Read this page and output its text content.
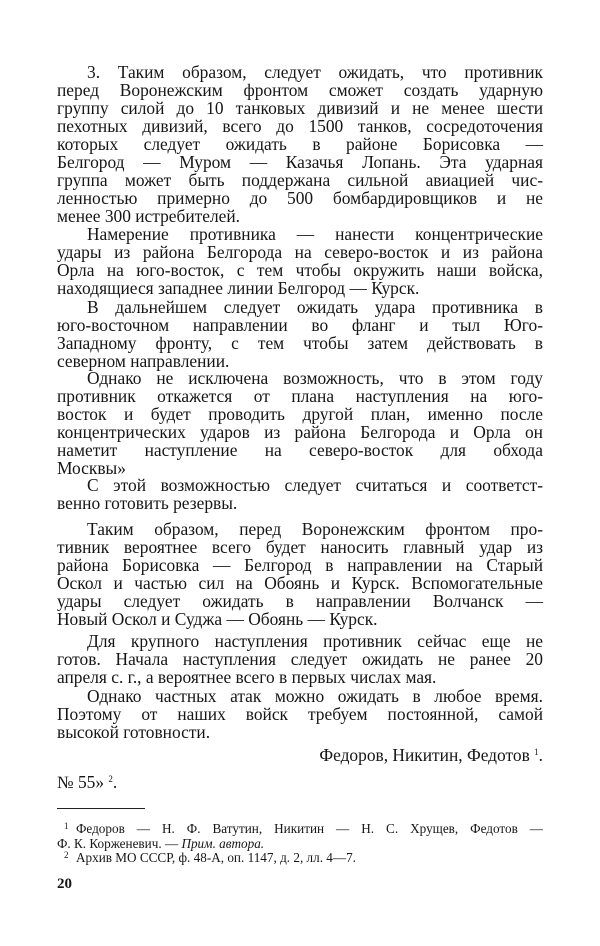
3. Таким образом, следует ожидать, что противник
перед Воронежским фронтом сможет создать ударную
группу силой до 10 танковых дивизий и не менее шести
пехотных дивизий, всего до 1500 танков, сосредоточения
которых следует ожидать в районе Борисовка —
Белгород — Муром — Казачья Лопань. Эта ударная
группа может быть поддержана сильной авиацией чис-
ленностью примерно до 500 бомбардировщиков и не
менее 300 истребителей.
Намерение противника — нанести концентрические
удары из района Белгорода на северо-восток и из района
Орла на юго-восток, с тем чтобы окружить наши войска,
находящиеся западнее линии Белгород — Курск.
В дальнейшем следует ожидать удара противника в
юго-восточном направлении во фланг и тыл Юго-
Западному фронту, с тем чтобы затем действовать в
северном направлении.
Однако не исключена возможность, что в этом году
противник откажется от плана наступления на юго-
восток и будет проводить другой план, именно после
концентрических ударов из района Белгорода и Орла он
наметит наступление на северо-восток для обхода
Москвы»
С этой возможностью следует считаться и соответст-
венно готовить резервы.
Таким образом, перед Воронежским фронтом про-
тивник вероятнее всего будет наносить главный удар из
района Борисовка — Белгород в направлении на Старый
Оскол и частью сил на Обоянь и Курск. Вспомогательные
удары следует ожидать в направлении Волчанск —
Новый Оскол и Суджа — Обоянь — Курск.
Для крупного наступления противник сейчас еще не
готов. Начала наступления следует ожидать не ранее 20
апреля с. г., а вероятнее всего в первых числах мая.
Однако частных атак можно ожидать в любое время.
Поэтому от наших войск требуем постоянной, самой
высокой готовности.
Федоров, Никитин, Федотов $^1$.
№ 55» $^2$.
1 Федоров — Н. Ф. Ватутин, Никитин — Н. С. Хрущев, Федотов —
Ф. К. Корженевич. — Прим. автора.
2 Архив МО СССР, ф. 48-А, оп. 1147, д. 2, лл. 4—7.
20
